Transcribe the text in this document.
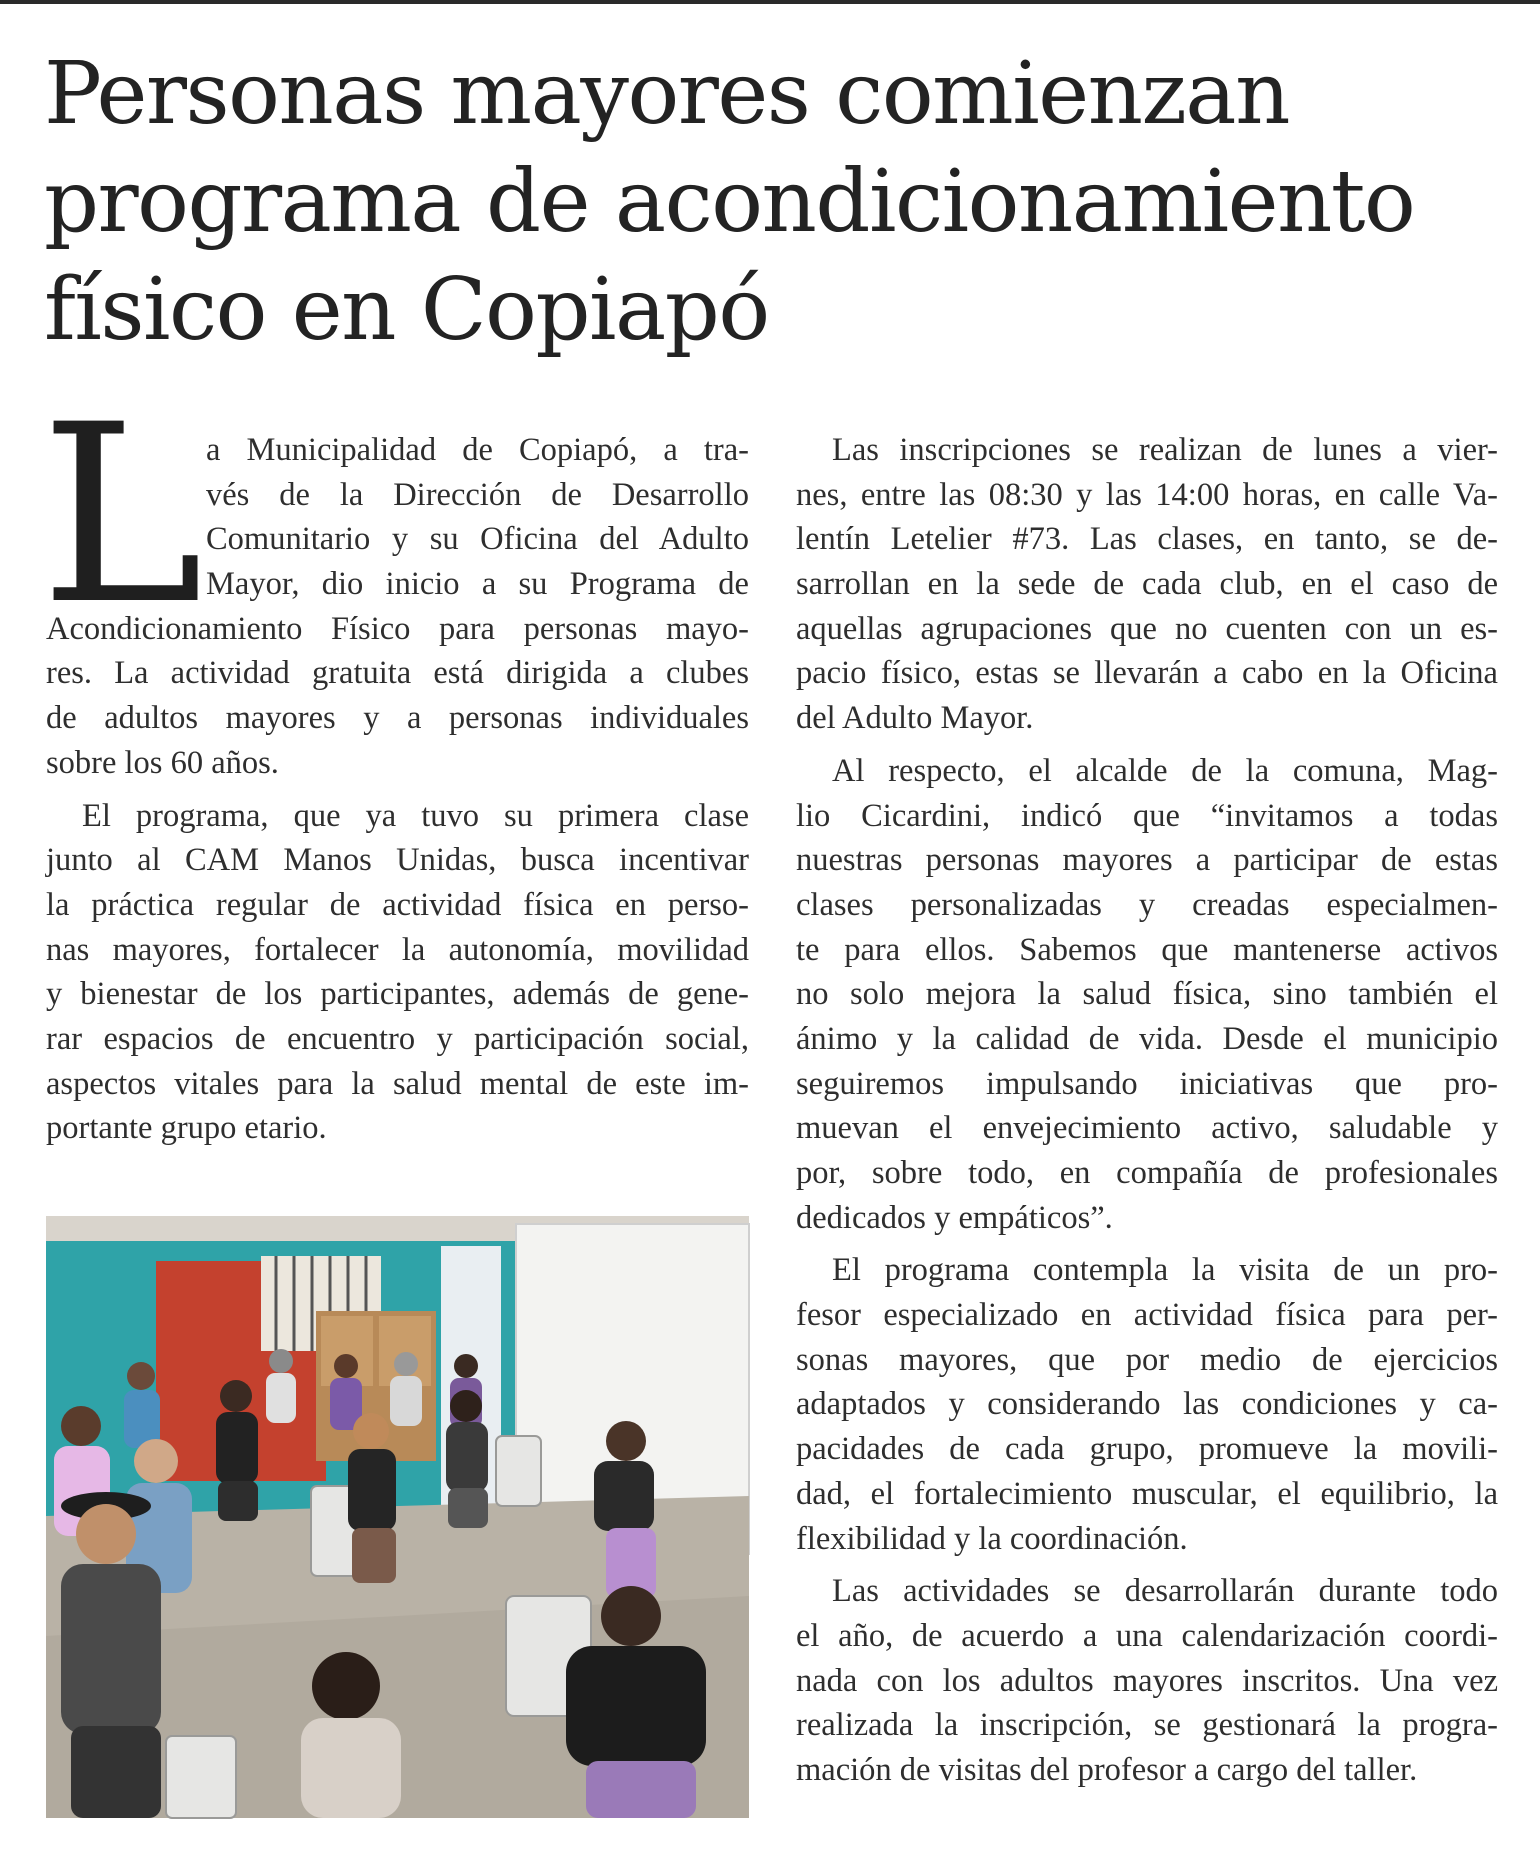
Personas mayores comienzan
programa de acondicionamiento
físico en Copiapó
L a Municipalidad de Copiapó, a tra-
vés de la Dirección de Desarrollo
Comunitario y su Oficina del Adulto
Mayor, dio inicio a su Programa de
Acondicionamiento Físico para personas mayo-
res. La actividad gratuita está dirigida a clubes
de adultos mayores y a personas individuales
sobre los 60 años.
El programa, que ya tuvo su primera clase
junto al CAM Manos Unidas, busca incentivar
la práctica regular de actividad física en perso-
nas mayores, fortalecer la autonomía, movilidad
y bienestar de los participantes, además de gene-
rar espacios de encuentro y participación social,
aspectos vitales para la salud mental de este im-
portante grupo etario.
Las inscripciones se realizan de lunes a vier-
nes, entre las 08:30 y las 14:00 horas, en calle Va-
lentín Letelier #73. Las clases, en tanto, se de-
sarrollan en la sede de cada club, en el caso de
aquellas agrupaciones que no cuenten con un es-
pacio físico, estas se llevarán a cabo en la Oficina
del Adulto Mayor.
Al respecto, el alcalde de la comuna, Mag-
lio Cicardini, indicó que “invitamos a todas
nuestras personas mayores a participar de estas
clases personalizadas y creadas especialmen-
te para ellos. Sabemos que mantenerse activos
no solo mejora la salud física, sino también el
ánimo y la calidad de vida. Desde el municipio
seguiremos impulsando iniciativas que pro-
muevan el envejecimiento activo, saludable y
por, sobre todo, en compañía de profesionales
dedicados y empáticos”.
El programa contempla la visita de un pro-
fesor especializado en actividad física para per-
sonas mayores, que por medio de ejercicios
adaptados y considerando las condiciones y ca-
pacidades de cada grupo, promueve la movili-
dad, el fortalecimiento muscular, el equilibrio, la
flexibilidad y la coordinación.
Las actividades se desarrollarán durante todo
el año, de acuerdo a una calendarización coordi-
nada con los adultos mayores inscritos. Una vez
realizada la inscripción, se gestionará la progra-
mación de visitas del profesor a cargo del taller.
